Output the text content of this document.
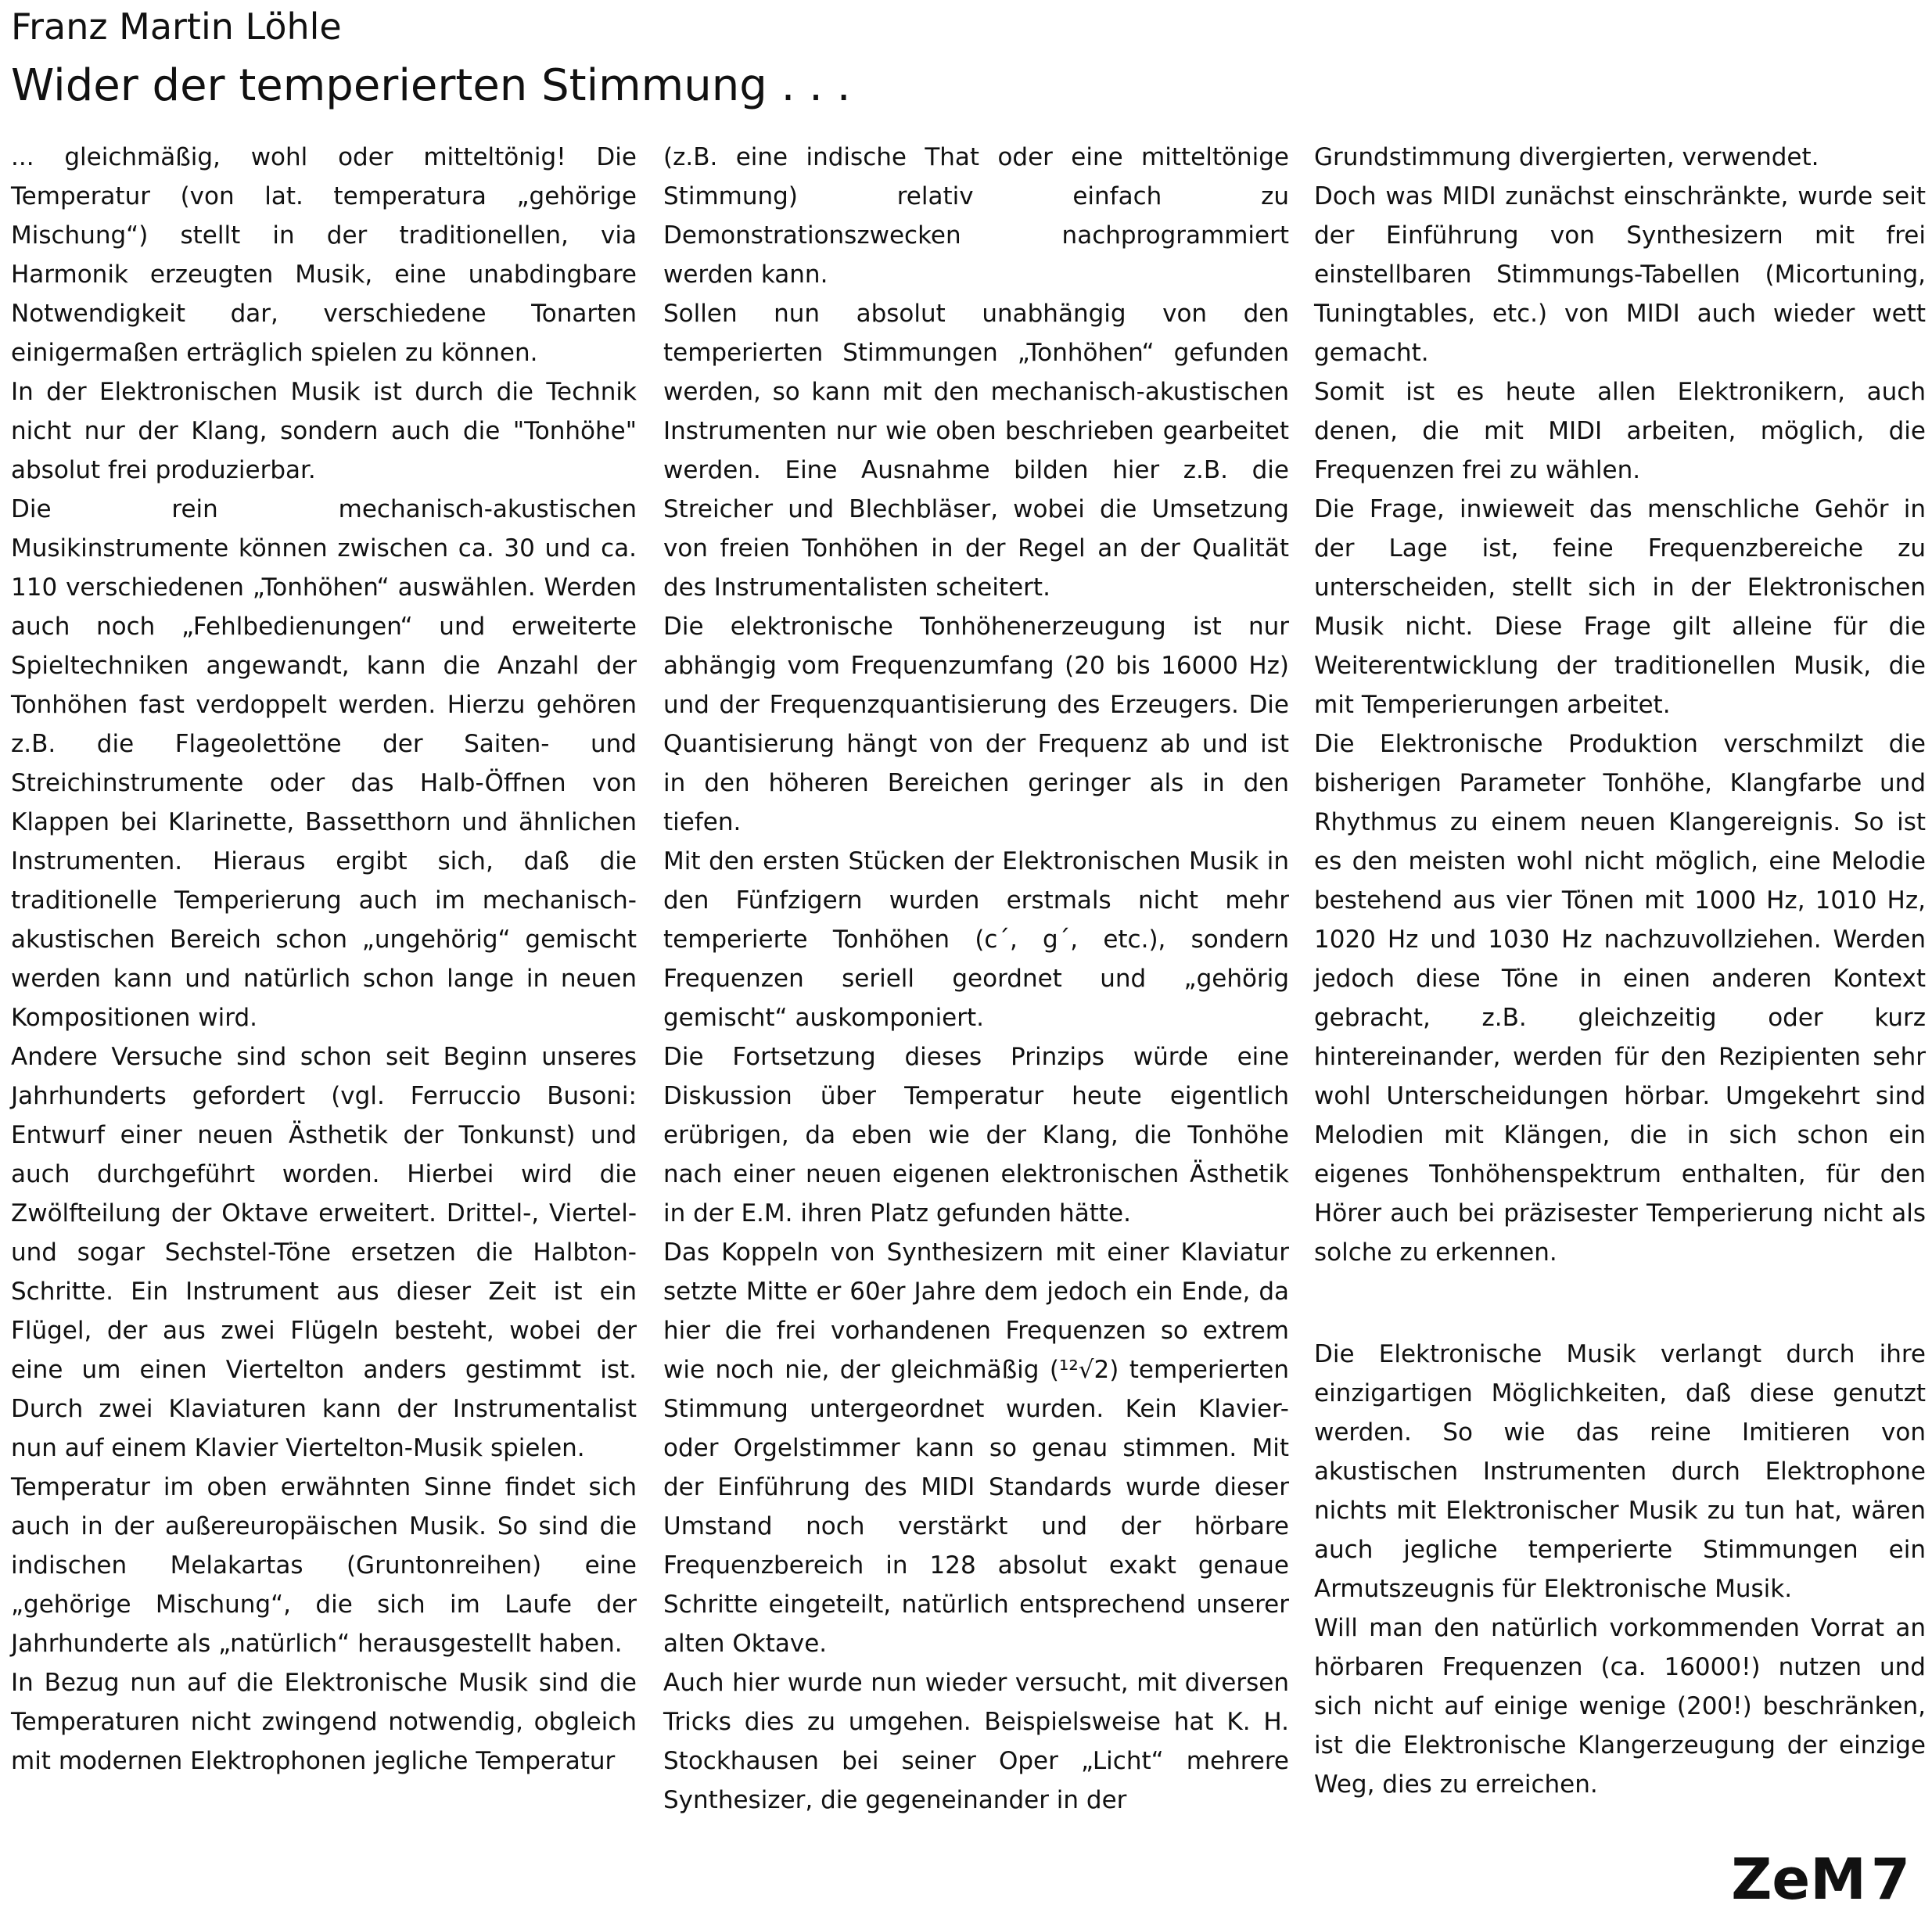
Franz Martin Löhle
Wider der temperierten Stimmung . . .

... gleichmäßig, wohl oder mitteltönig! Die Temperatur (von lat. temperatura „gehörige Mischung“) stellt in der traditionellen, via Harmonik erzeugten Musik, eine unabdingbare Notwendigkeit dar, verschiedene Tonarten einigermaßen erträglich spielen zu können.

In der Elektronischen Musik ist durch die Technik nicht nur der Klang, sondern auch die "Tonhöhe" absolut frei produzierbar.

Die rein mechanisch-akustischen Musikinstrumente können zwischen ca. 30 und ca. 110 verschiedenen „Tonhöhen“ auswählen. Werden auch noch „Fehlbedienungen“ und erweiterte Spieltechniken angewandt, kann die Anzahl der Tonhöhen fast verdoppelt werden. Hierzu gehören z.B. die Flageolettöne der Saiten- und Streichinstrumente oder das Halb-Öffnen von Klappen bei Klarinette, Bassetthorn und ähnlichen Instrumenten. Hieraus ergibt sich, daß die traditionelle Temperierung auch im mechanisch-akustischen Bereich schon „ungehörig“ gemischt werden kann und natürlich schon lange in neuen Kompositionen wird.

Andere Versuche sind schon seit Beginn unseres Jahrhunderts gefordert (vgl. Ferruccio Busoni: Entwurf einer neuen Ästhetik der Tonkunst) und auch durchgeführt worden. Hierbei wird die Zwölfteilung der Oktave erweitert. Drittel-, Viertel- und sogar Sechstel-Töne ersetzen die Halbton-Schritte. Ein Instrument aus dieser Zeit ist ein Flügel, der aus zwei Flügeln besteht, wobei der eine um einen Viertelton anders gestimmt ist. Durch zwei Klaviaturen kann der Instrumentalist nun auf einem Klavier Viertelton-Musik spielen.

Temperatur im oben erwähnten Sinne findet sich auch in der außereuropäischen Musik. So sind die indischen Melakartas (Gruntonreihen) eine „gehörige Mischung“, die sich im Laufe der Jahrhunderte als „natürlich“ herausgestellt haben.

In Bezug nun auf die Elektronische Musik sind die Temperaturen nicht zwingend notwendig, obgleich mit modernen Elektrophonen jegliche Temperatur

(z.B. eine indische That oder eine mitteltönige Stimmung) relativ einfach zu Demonstrationszwecken nachprogrammiert werden kann.

Sollen nun absolut unabhängig von den temperierten Stimmungen „Tonhöhen“ gefunden werden, so kann mit den mechanisch-akustischen Instrumenten nur wie oben beschrieben gearbeitet werden. Eine Ausnahme bilden hier z.B. die Streicher und Blechbläser, wobei die Umsetzung von freien Tonhöhen in der Regel an der Qualität des Instrumentalisten scheitert.

Die elektronische Tonhöhenerzeugung ist nur abhängig vom Frequenzumfang (20 bis 16000 Hz) und der Frequenzquantisierung des Erzeugers. Die Quantisierung hängt von der Frequenz ab und ist in den höheren Bereichen geringer als in den tiefen.

Mit den ersten Stücken der Elektronischen Musik in den Fünfzigern wurden erstmals nicht mehr temperierte Tonhöhen (c´, g´, etc.), sondern Frequenzen seriell geordnet und „gehörig gemischt“ auskomponiert.

Die Fortsetzung dieses Prinzips würde eine Diskussion über Temperatur heute eigentlich erübrigen, da eben wie der Klang, die Tonhöhe nach einer neuen eigenen elektronischen Ästhetik in der E.M. ihren Platz gefunden hätte.

Das Koppeln von Synthesizern mit einer Klaviatur setzte Mitte er 60er Jahre dem jedoch ein Ende, da hier die frei vorhandenen Frequenzen so extrem wie noch nie, der gleichmäßig (¹²√2) temperierten Stimmung untergeordnet wurden. Kein Klavier- oder Orgelstimmer kann so genau stimmen. Mit der Einführung des MIDI Standards wurde dieser Umstand noch verstärkt und der hörbare Frequenzbereich in 128 absolut exakt genaue Schritte eingeteilt, natürlich entsprechend unserer alten Oktave.

Auch hier wurde nun wieder versucht, mit diversen Tricks dies zu umgehen. Beispielsweise hat K. H. Stockhausen bei seiner Oper „Licht“ mehrere Synthesizer, die gegeneinander in der

Grundstimmung divergierten, verwendet.

Doch was MIDI zunächst einschränkte, wurde seit der Einführung von Synthesizern mit frei einstellbaren Stimmungs-Tabellen (Micortuning, Tuningtables, etc.) von MIDI auch wieder wett gemacht.

Somit ist es heute allen Elektronikern, auch denen, die mit MIDI arbeiten, möglich, die Frequenzen frei zu wählen.

Die Frage, inwieweit das menschliche Gehör in der Lage ist, feine Frequenzbereiche zu unterscheiden, stellt sich in der Elektronischen Musik nicht. Diese Frage gilt alleine für die Weiterentwicklung der traditionellen Musik, die mit Temperierungen arbeitet.

Die Elektronische Produktion verschmilzt die bisherigen Parameter Tonhöhe, Klangfarbe und Rhythmus zu einem neuen Klangereignis. So ist es den meisten wohl nicht möglich, eine Melodie bestehend aus vier Tönen mit 1000 Hz, 1010 Hz, 1020 Hz und 1030 Hz nachzuvollziehen. Werden jedoch diese Töne in einen anderen Kontext gebracht, z.B. gleichzeitig oder kurz hintereinander, werden für den Rezipienten sehr wohl Unterscheidungen hörbar. Umgekehrt sind Melodien mit Klängen, die in sich schon ein eigenes Tonhöhenspektrum enthalten, für den Hörer auch bei präzisester Temperierung nicht als solche zu erkennen.

Die Elektronische Musik verlangt durch ihre einzigartigen Möglichkeiten, daß diese genutzt werden. So wie das reine Imitieren von akustischen Instrumenten durch Elektrophone nichts mit Elektronischer Musik zu tun hat, wären auch jegliche temperierte Stimmungen ein Armutszeugnis für Elektronische Musik.

Will man den natürlich vorkommenden Vorrat an hörbaren Frequenzen (ca. 16000!) nutzen und sich nicht auf einige wenige (200!) beschränken, ist die Elektronische Klangerzeugung der einzige Weg, dies zu erreichen.

ZeM7
